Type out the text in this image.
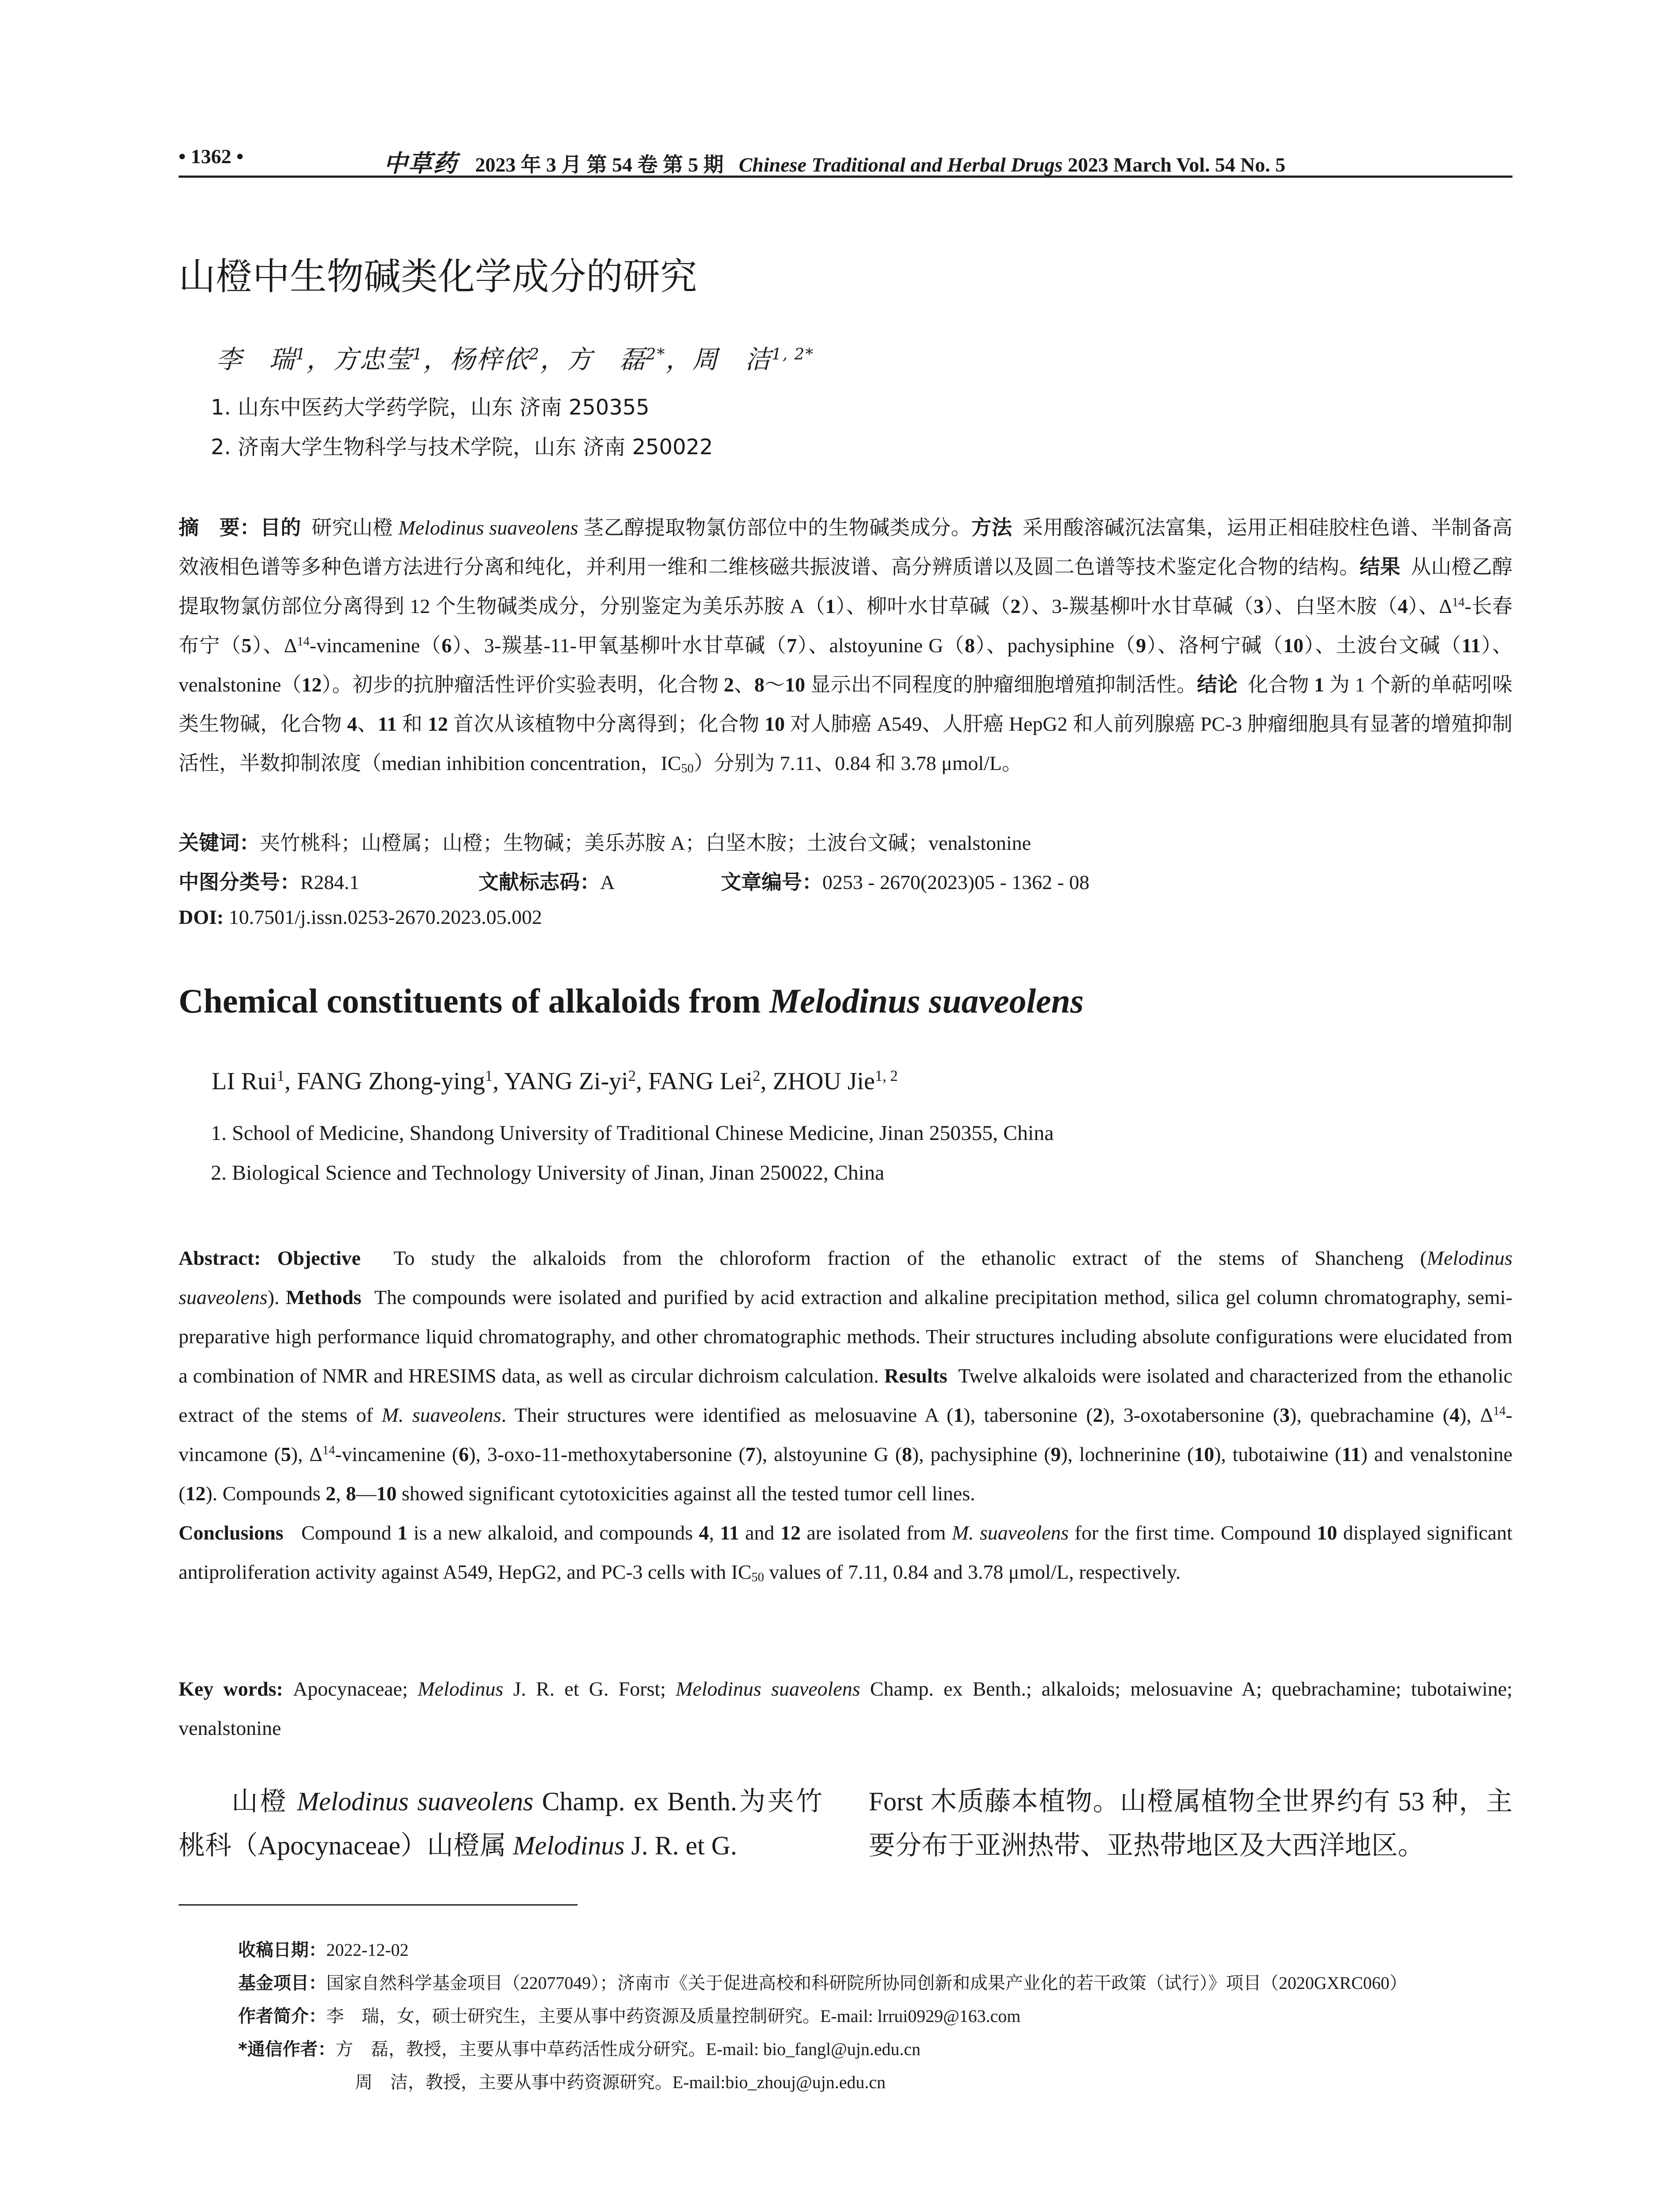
• 1362 •	中草药 2023 年 3 月 第 54 卷 第 5 期 Chinese Traditional and Herbal Drugs 2023 March Vol. 54 No. 5
山橙中生物碱类化学成分的研究
李　瑞$^1$，方忠莹$^1$，杨梓依$^2$，方　磊$^{2*}$，周　洁$^{1, 2*}$
1. 山东中医药大学药学院，山东 济南 250355
2. 济南大学生物科学与技术学院，山东 济南 250022
摘　要：目的 研究山橙 Melodinus suaveolens 茎乙醇提取物氯仿部位中的生物碱类成分。方法 采用酸溶碱沉法富集，运用正相硅胶柱色谱、半制备高效液相色谱等多种色谱方法进行分离和纯化，并利用一维和二维核磁共振波谱、高分辨质谱以及圆二色谱等技术鉴定化合物的结构。结果 从山橙乙醇提取物氯仿部位分离得到 12 个生物碱类成分，分别鉴定为美乐苏胺 A（1）、柳叶水甘草碱（2）、3-羰基柳叶水甘草碱（3）、白坚木胺（4）、$\Delta^{14}-$长春布宁（5）、$\Delta^{14}-vincamenine(6)$、3-羰基-11-甲氧基柳叶水甘草碱（7）、alstoyunine G（8）、pachysiphine（9）、洛柯宁碱（10）、土波台文碱（11）、venalstonine（12）。初步的抗肿瘤活性评价实验表明，化合物 2、8～10 显示出不同程度的肿瘤细胞增殖抑制活性。结论 化合物 1 为 1 个新的单萜吲哚类生物碱，化合物 4、11 和 12 首次从该植物中分离得到；化合物 10 对人肺癌 A549、人肝癌 HepG2 和人前列腺癌 PC-3 肿瘤细胞具有显著的增殖抑制活性，半数抑制浓度（median inhibition concentration，$IC_{50}$）分别为 7.11、0.84 和 3.78 μmol/L。
关键词：夹竹桃科；山橙属；山橙；生物碱；美乐苏胺 A；白坚木胺；土波台文碱；venalstonine
中图分类号：R284.1	文献标志码：A	文章编号：0253 - 2670(2023)05 - 1362 - 08
DOI: 10.7501/j.issn.0253-2670.2023.05.002
Chemical constituents of alkaloids from Melodinus suaveolens
LI Rui$^1$, FANG Zhong-ying$^1$, YANG $Zi-yi^2$, FANG Lei$^2$, ZHOU Jie$^{1, 2}$
1. School of Medicine, Shandong University of Traditional Chinese Medicine, Jinan 250355, China
2. Biological Science and Technology University of Jinan, Jinan 250022, China
Abstract: Objective To study the alkaloids from the chloroform fraction of the ethanolic extract of the stems of Shancheng (Melodinus suaveolens). Methods The compounds were isolated and purified by acid extraction and alkaline precipitation method, silica gel column chromatography, semi-preparative high performance liquid chromatography, and other chromatographic methods. Their structures including absolute configurations were elucidated from a combination of NMR and HRESIMS data, as well as circular dichroism calculation. Results Twelve alkaloids were isolated and characterized from the ethanolic extract of the stems of M. suaveolens. Their structures were identified as melosuavine A (1), tabersonine (2), 3-oxotabersonine (3), quebrachamine (4), $\Delta^{14}$-vincamone (5), $\Delta^{14}$-vincamenine (6), 3-oxo-11-methoxytabersonine (7), alstoyunine G (8), pachysiphine (9), lochnerinine (10), tubotaiwine (11) and venalstonine (12). Compounds 2, 8—10 showed significant cytotoxicities against all the tested tumor cell lines.
Conclusions Compound 1 is a new alkaloid, and compounds 4, 11 and 12 are isolated from M. suaveolens for the first time. Compound 10 displayed significant antiproliferation activity against A549, HepG2, and PC-3 cells with $IC_{50}$ values of 7.11, 0.84 and 3.78 μmol/L, respectively.
Key words: Apocynaceae; Melodinus J. R. et G. Forst; Melodinus suaveolens Champ. ex Benth.; alkaloids; melosuavine A; quebrachamine; tubotaiwine; venalstonine
山橙 Melodinus suaveolens Champ. ex Benth.为夹竹桃科（Apocynaceae）山橙属 Melodinus J. R. et G.
Forst 木质藤本植物。山橙属植物全世界约有 53 种，主要分布于亚洲热带、亚热带地区及大西洋地区。
收稿日期：2022-12-02
基金项目：国家自然科学基金项目（22077049）；济南市《关于促进高校和科研院所协同创新和成果产业化的若干政策（试行）》项目（2020GXRC060）
作者简介：李　瑞，女，硕士研究生，主要从事中药资源及质量控制研究。E-mail: lrrui0929@163.com
*通信作者：方　磊，教授，主要从事中草药活性成分研究。E-mail: bio_fangl@ujn.edu.cn
周　洁，教授，主要从事中药资源研究。E-mail:bio_zhouj@ujn.edu.cn
